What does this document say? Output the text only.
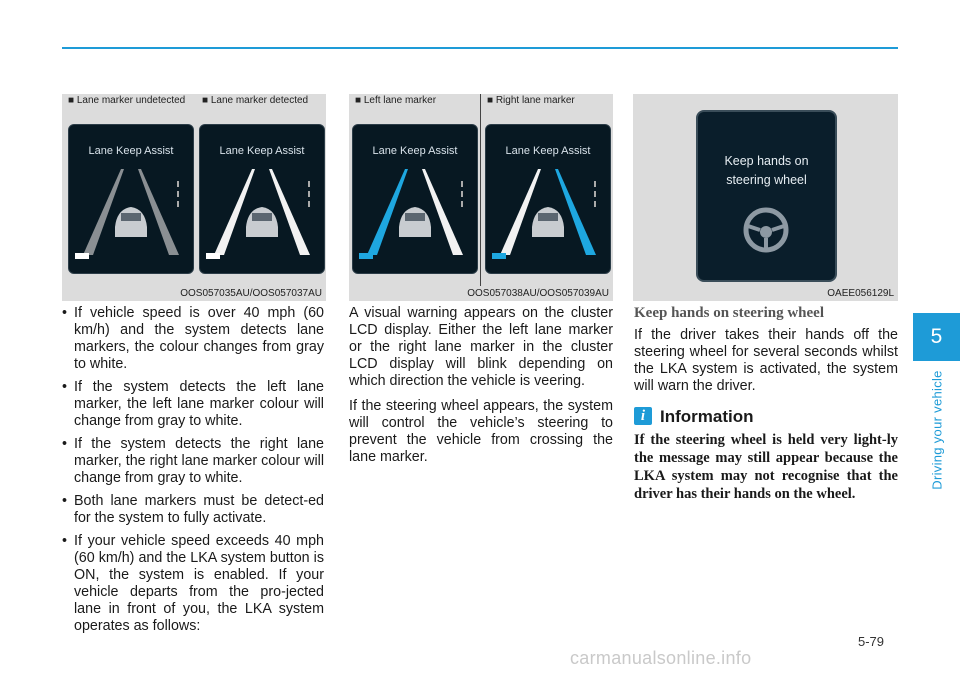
■ Lane marker undetected ■ Lane marker detected
Lane Keep Assist	Lane Keep Assist
OOS057035AU/OOS057037AU
■ Left lane marker	■ Right lane marker
Lane Keep Assist	Lane Keep Assist
OOS057038AU/OOS057039AU
Keep hands on
steering wheel
OAEE056129L
• If vehicle speed is over 40 mph (60 km/h) and the system detects lane markers, the colour changes from gray to white.
• If the system detects the left lane marker, the left lane marker colour will change from gray to white.
• If the system detects the right lane marker, the right lane marker colour will change from gray to white.
• Both lane markers must be detect-ed for the system to fully activate.
• If your vehicle speed exceeds 40 mph (60 km/h) and the LKA system button is ON, the system is enabled. If your vehicle departs from the pro-jected lane in front of you, the LKA system operates as follows:

A visual warning appears on the cluster LCD display. Either the left lane marker or the right lane marker in the cluster LCD display will blink depending on which direction the vehicle is veering.

If the steering wheel appears, the system will control the vehicle’s steering to prevent the vehicle from crossing the lane marker.

Keep hands on steering wheel

If the driver takes their hands off the steering wheel for several seconds whilst the LKA system is activated, the system will warn the driver.

i Information
If the steering wheel is held very light-ly the message may still appear because the LKA system may not recognise that the driver has their hands on the wheel.
5
Driving your vehicle
5-79
carmanualsonline.info
